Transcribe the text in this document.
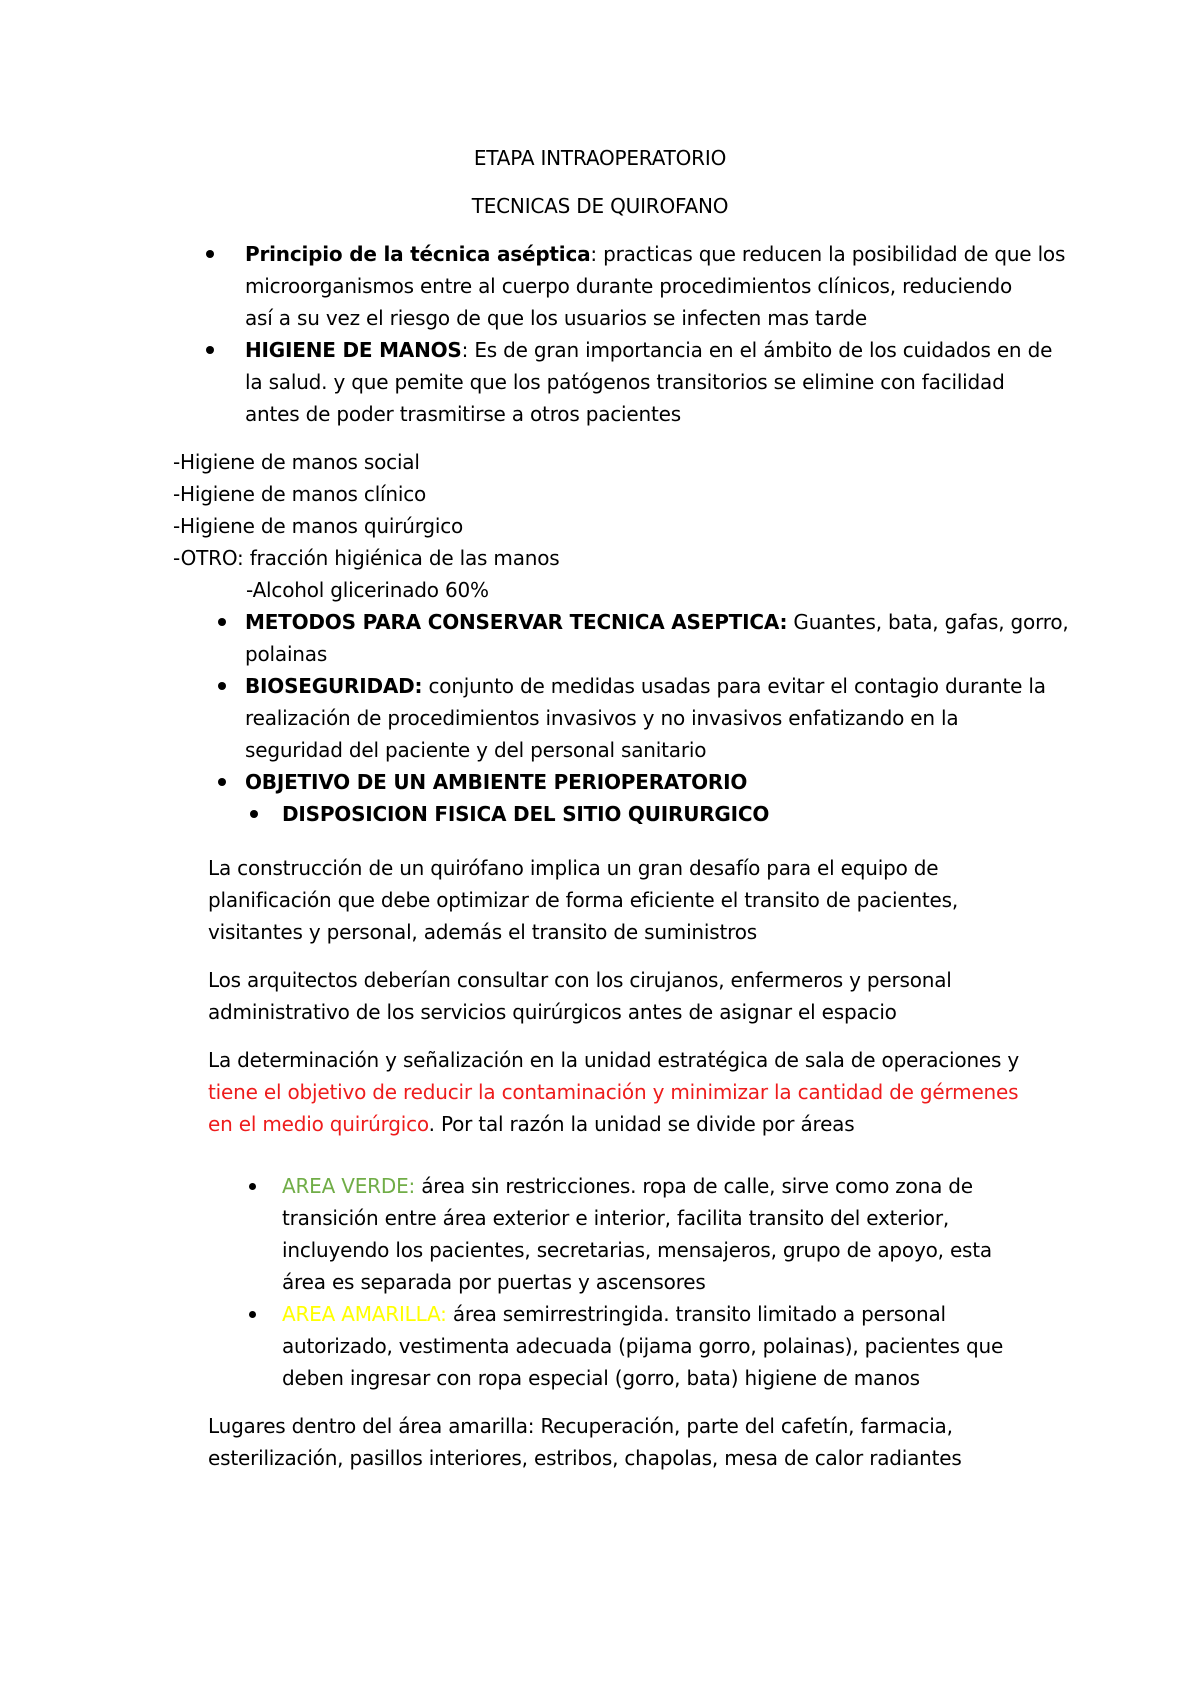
ETAPA INTRAOPERATORIO
TECNICAS DE QUIROFANO
Principio de la técnica aséptica: practicas que reducen la posibilidad de que los
microorganismos entre al cuerpo durante procedimientos clínicos, reduciendo
así a su vez el riesgo de que los usuarios se infecten mas tarde
HIGIENE DE MANOS: Es de gran importancia en el ámbito de los cuidados en de
la salud. y que pemite que los patógenos transitorios se elimine con facilidad
antes de poder trasmitirse a otros pacientes
-Higiene de manos social
-Higiene de manos clínico
-Higiene de manos quirúrgico
-OTRO: fracción higiénica de las manos
-Alcohol glicerinado 60%
METODOS PARA CONSERVAR TECNICA ASEPTICA: Guantes, bata, gafas, gorro,
polainas
BIOSEGURIDAD: conjunto de medidas usadas para evitar el contagio durante la
realización de procedimientos invasivos y no invasivos enfatizando en la
seguridad del paciente y del personal sanitario
OBJETIVO DE UN AMBIENTE PERIOPERATORIO
DISPOSICION FISICA DEL SITIO QUIRURGICO
La construcción de un quirófano implica un gran desafío para el equipo de
planificación que debe optimizar de forma eficiente el transito de pacientes,
visitantes y personal, además el transito de suministros
Los arquitectos deberían consultar con los cirujanos, enfermeros y personal
administrativo de los servicios quirúrgicos antes de asignar el espacio
La determinación y señalización en la unidad estratégica de sala de operaciones y
tiene el objetivo de reducir la contaminación y minimizar la cantidad de gérmenes
en el medio quirúrgico. Por tal razón la unidad se divide por áreas
AREA VERDE: área sin restricciones. ropa de calle, sirve como zona de
transición entre área exterior e interior, facilita transito del exterior,
incluyendo los pacientes, secretarias, mensajeros, grupo de apoyo, esta
área es separada por puertas y ascensores
AREA AMARILLA: área semirrestringida. transito limitado a personal
autorizado, vestimenta adecuada (pijama gorro, polainas), pacientes que
deben ingresar con ropa especial (gorro, bata) higiene de manos
Lugares dentro del área amarilla: Recuperación, parte del cafetín, farmacia,
esterilización, pasillos interiores, estribos, chapolas, mesa de calor radiantes
